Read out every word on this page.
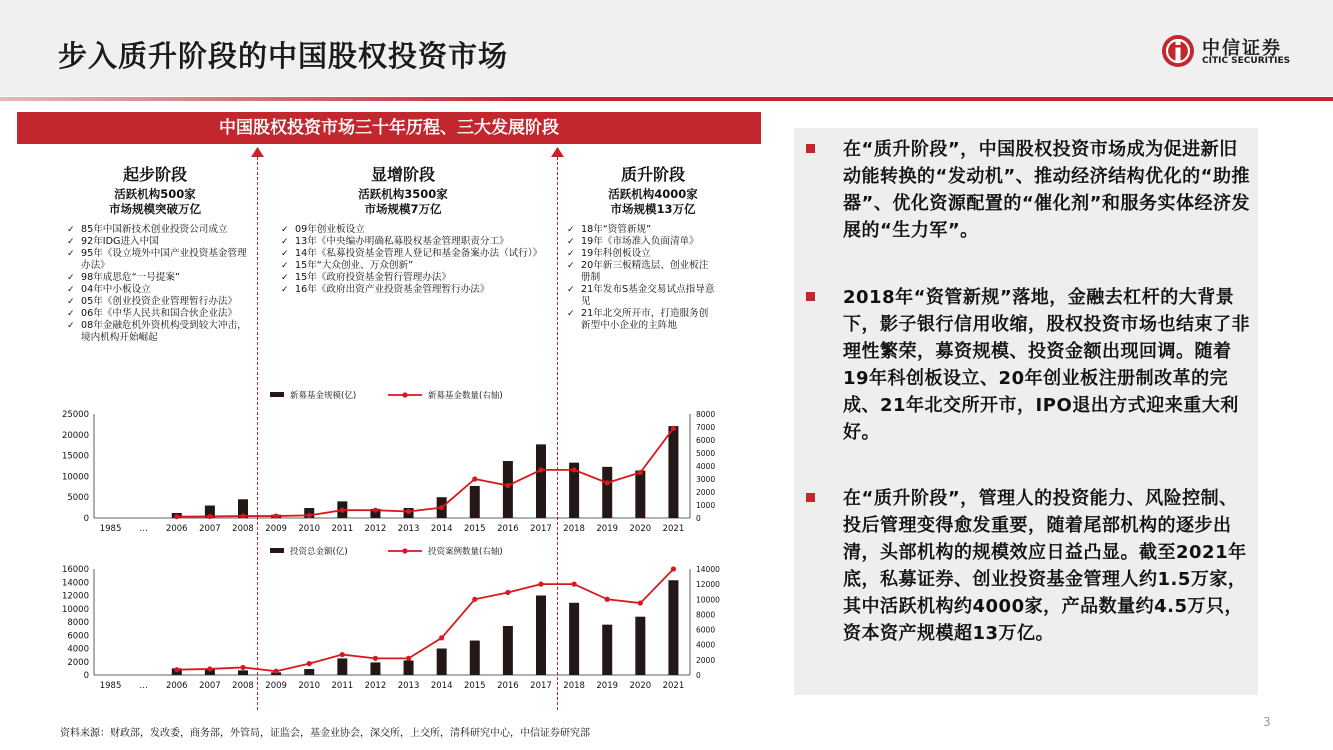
步入质升阶段的中国股权投资市场	中信证券
CITIC SECURITIES
中国股权投资市场三十年历程、三大发展阶段
起步阶段
活跃机构500家
市场规模突破万亿
✓ 85年中国新技术创业投资公司成立
✓ 92年IDG进入中国
✓ 95年《设立境外中国产业投资基金管理办法》
✓ 98年成思危“一号提案”
✓ 04年中小板设立
✓ 05年《创业投资企业管理暂行办法》
✓ 06年《中华人民共和国合伙企业法》
✓ 08年金融危机外资机构受到较大冲击，境内机构开始崛起
显增阶段
活跃机构3500家
市场规模7万亿
✓ 09年创业板设立
✓ 13年《中央编办明确私募股权基金管理职责分工》
✓ 14年《私募投资基金管理人登记和基金备案办法（试行）》
✓ 15年“大众创业、万众创新”
✓ 15年《政府投资基金暂行管理办法》
✓ 16年《政府出资产业投资基金管理暂行办法》
质升阶段
活跃机构4000家
市场规模13万亿
✓ 18年“资管新规”
✓ 19年《市场准入负面清单》
✓ 19年科创板设立
✓ 20年新三板精选层、创业板注册制
✓ 21年发布S基金交易试点指导意见
✓ 21年北交所开市，打造服务创新型中小企业的主阵地
0
5000
10000
15000
20000
25000
0
1000
2000
3000
4000
5000
6000
7000
8000
1985 … 2006 2007 2008 2009 2010 2011 2012 2013 2014 2015 2016 2017 2018 2019 2020 2021
新募基金规模(亿)	新募基金数量(右轴)
0
2000
4000
6000
8000
10000
12000
14000
16000
0
2000
4000
6000
8000
10000
12000
14000
1985 … 2006 2007 2008 2009 2010 2011 2012 2013 2014 2015 2016 2017 2018 2019 2020 2021
投资总金额(亿)	投资案例数量(右轴)
在“质升阶段”，中国股权投资市场成为促进新旧动能转换的“发动机”、推动经济结构优化的“助推器”、优化资源配置的“催化剂”和服务实体经济发展的“生力军”。
2018年“资管新规”落地，金融去杠杆的大背景下，影子银行信用收缩，股权投资市场也结束了非理性繁荣，募资规模、投资金额出现回调。随着19年科创板设立、20年创业板注册制改革的完成、21年北交所开市，IPO退出方式迎来重大利好。
在“质升阶段”，管理人的投资能力、风险控制、投后管理变得愈发重要，随着尾部机构的逐步出清，头部机构的规模效应日益凸显。截至2021年底，私募证券、创业投资基金管理人约1.5万家，其中活跃机构约4000家，产品数量约4.5万只，资本资产规模超13万亿。
资料来源：财政部，发改委，商务部，外管局，证监会，基金业协会，深交所，上交所，清科研究中心，中信证券研究部
3
